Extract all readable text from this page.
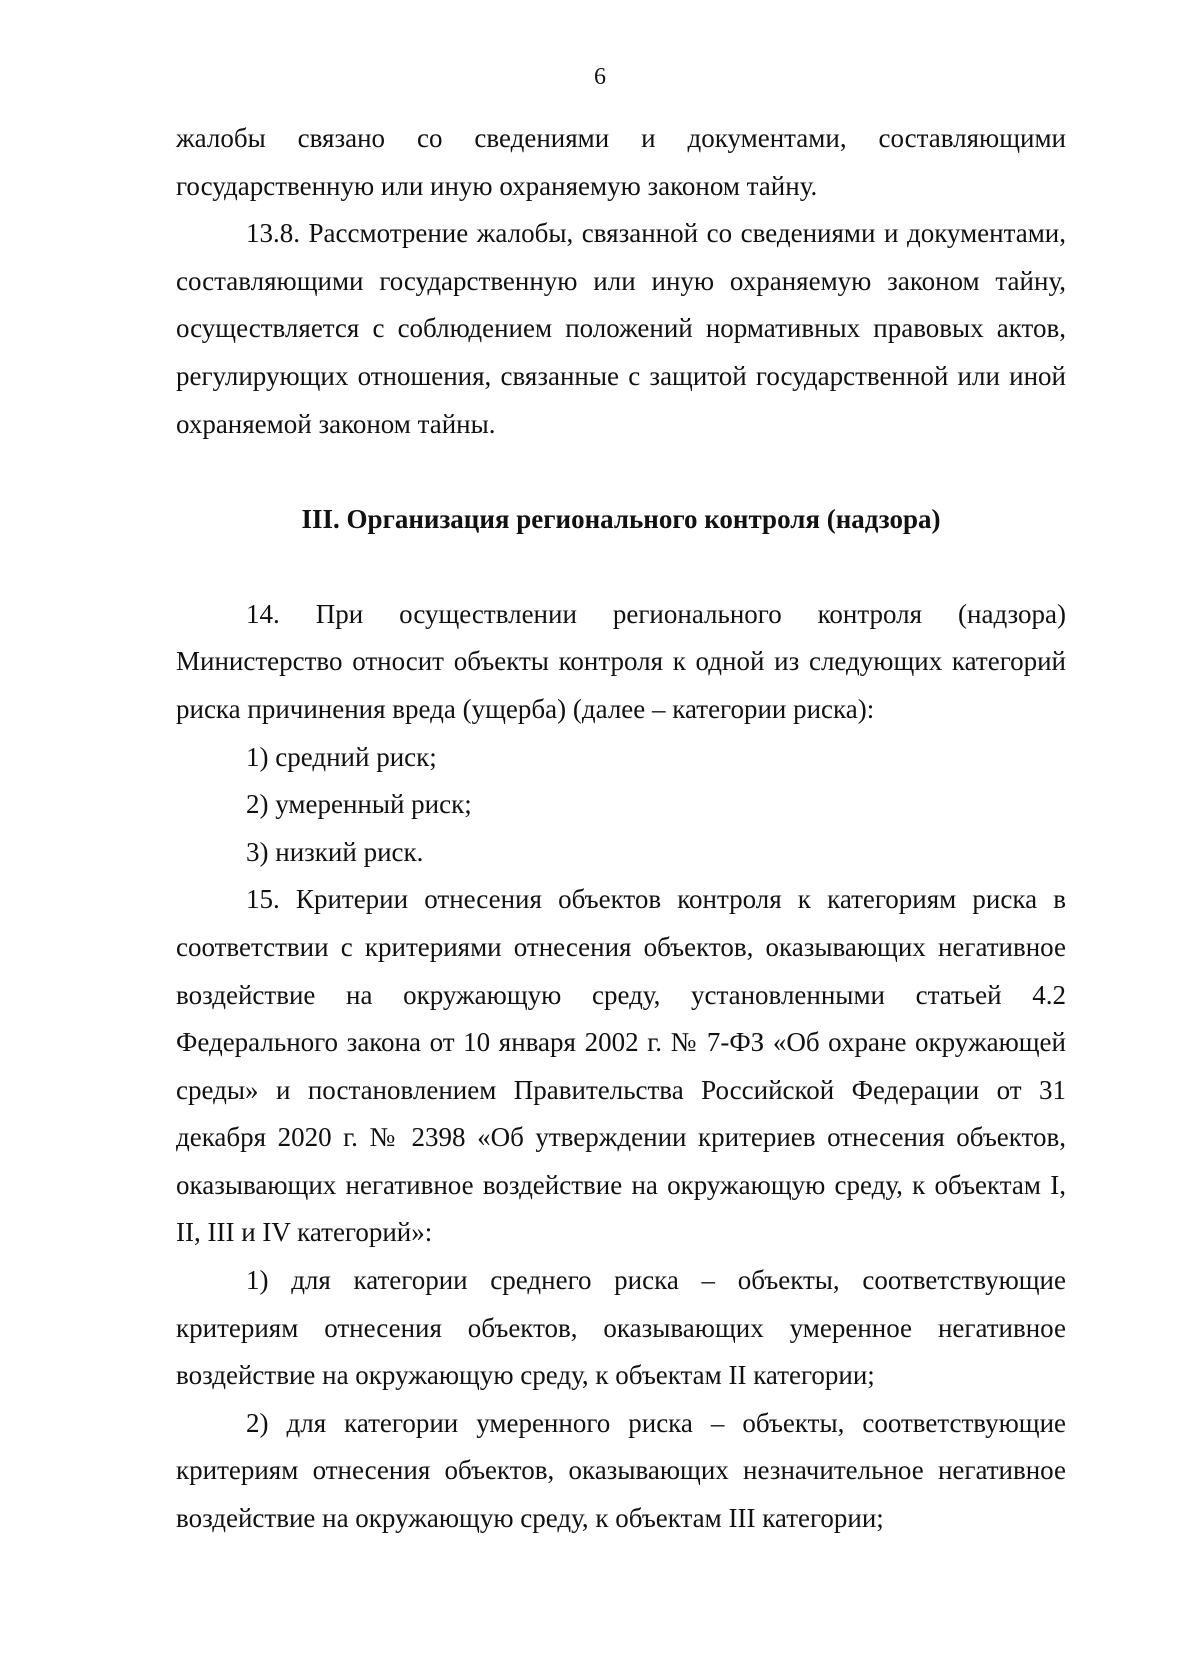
6

жалобы связано со сведениями и документами, составляющими государственную или иную охраняемую законом тайну.

13.8. Рассмотрение жалобы, связанной со сведениями и документами, составляющими государственную или иную охраняемую законом тайну, осуществляется с соблюдением положений нормативных правовых актов, регулирующих отношения, связанные с защитой государственной или иной охраняемой законом тайны.

III. Организация регионального контроля (надзора)

14. При осуществлении регионального контроля (надзора) Министерство относит объекты контроля к одной из следующих категорий риска причинения вреда (ущерба) (далее – категории риска):

1) средний риск;
2) умеренный риск;
3) низкий риск.

15. Критерии отнесения объектов контроля к категориям риска в соответствии с критериями отнесения объектов, оказывающих негативное воздействие на окружающую среду, установленными статьей 4.2 Федерального закона от 10 января 2002 г. № 7-ФЗ «Об охране окружающей среды» и постановлением Правительства Российской Федерации от 31 декабря 2020 г. № 2398 «Об утверждении критериев отнесения объектов, оказывающих негативное воздействие на окружающую среду, к объектам I, II, III и IV категорий»:

1) для категории среднего риска – объекты, соответствующие критериям отнесения объектов, оказывающих умеренное негативное воздействие на окружающую среду, к объектам II категории;

2) для категории умеренного риска – объекты, соответствующие критериям отнесения объектов, оказывающих незначительное негативное воздействие на окружающую среду, к объектам III категории;
